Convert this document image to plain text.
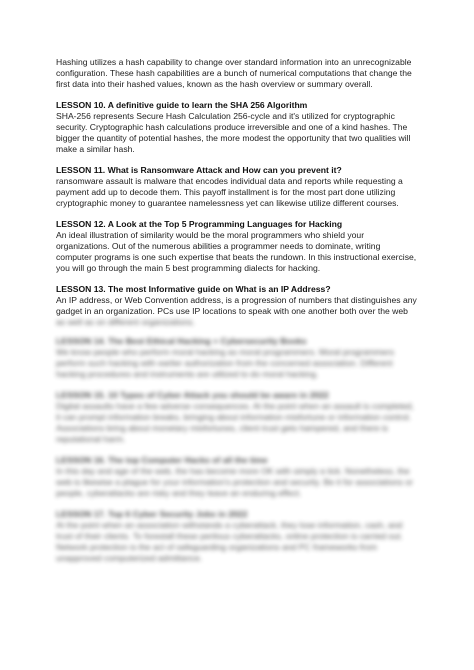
Hashing utilizes a hash capability to change over standard information into an unrecognizable configuration. These hash capabilities are a bunch of numerical computations that change the first data into their hashed values, known as the hash overview or summary overall.

LESSON 10. A definitive guide to learn the SHA 256 Algorithm

SHA-256 represents Secure Hash Calculation 256-cycle and it's utilized for cryptographic security. Cryptographic hash calculations produce irreversible and one of a kind hashes. The bigger the quantity of potential hashes, the more modest the opportunity that two qualities will make a similar hash.

LESSON 11. What is Ransomware Attack and How can you prevent it?

ransomware assault is malware that encodes individual data and reports while requesting a payment add up to decode them. This payoff installment is for the most part done utilizing cryptographic money to guarantee namelessness yet can likewise utilize different courses.

LESSON 12. A Look at the Top 5 Programming Languages for Hacking

An ideal illustration of similarity would be the moral programmers who shield your organizations. Out of the numerous abilities a programmer needs to dominate, writing computer programs is one such expertise that beats the rundown. In this instructional exercise, you will go through the main 5 best programming dialects for hacking.

LESSON 13. The most Informative guide on What is an IP Address?

An IP address, or Web Convention address, is a progression of numbers that distinguishes any gadget in an organization. PCs use IP locations to speak with one another both over the web

as well as on different organizations.

LESSON 14. The Best Ethical Hacking + Cybersecurity Books

We know people who perform moral hacking as moral programmers. Moral programmers perform such hacking with earlier authorization from the concerned association. Different hacking procedures and instruments are utilized to do moral hacking.

LESSON 15. 10 Types of Cyber Attack you should be aware in 2022

Digital assaults have a few adverse consequences. At the point when an assault is completed, it can prompt information breaks, bringing about information misfortune or information control. Associations bring about monetary misfortunes, client trust gets hampered, and there is reputational harm.

LESSON 16. The top Computer Hacks of all the time

In this day and age of the web, the has become more OK with simply a tick. Nonetheless, the web is likewise a plague for your information's protection and security. Be it for associations or people, cyberattacks are risky and they leave an enduring effect.

LESSON 17. Top 6 Cyber Security Jobs in 2022

At the point when an association withstands a cyberattack, they lose information, cash, and trust of their clients. To forestall these perilous cyberattacks, online protection is carried out. Network protection is the act of safeguarding organizations and PC frameworks from unapproved computerized admittance.
